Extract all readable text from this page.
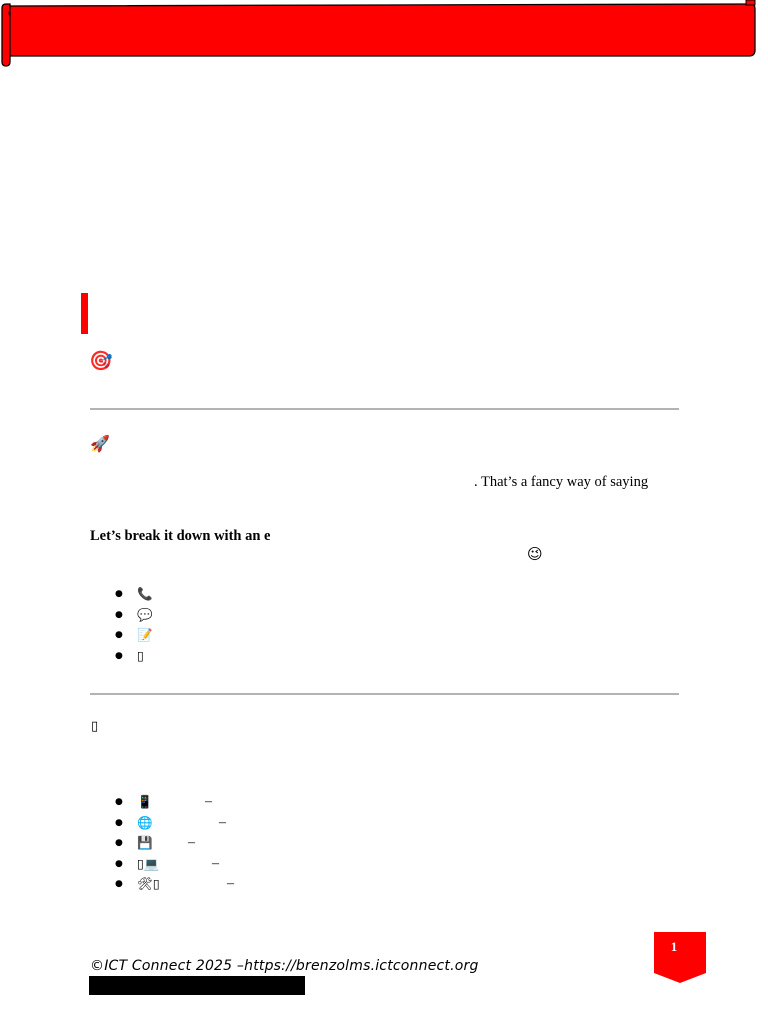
🎯
🚀
. That’s a fancy way of saying
Let’s break it down with an e
😉
● 📞
● 💬
● 📝
● ▯
▯
● 📱	–
● 🌐	–
● 💾	–
● ▯💻	–
● 🛠▯	–
©ICT Connect 2025 –https://brenzolms.ictconnect.org
1
